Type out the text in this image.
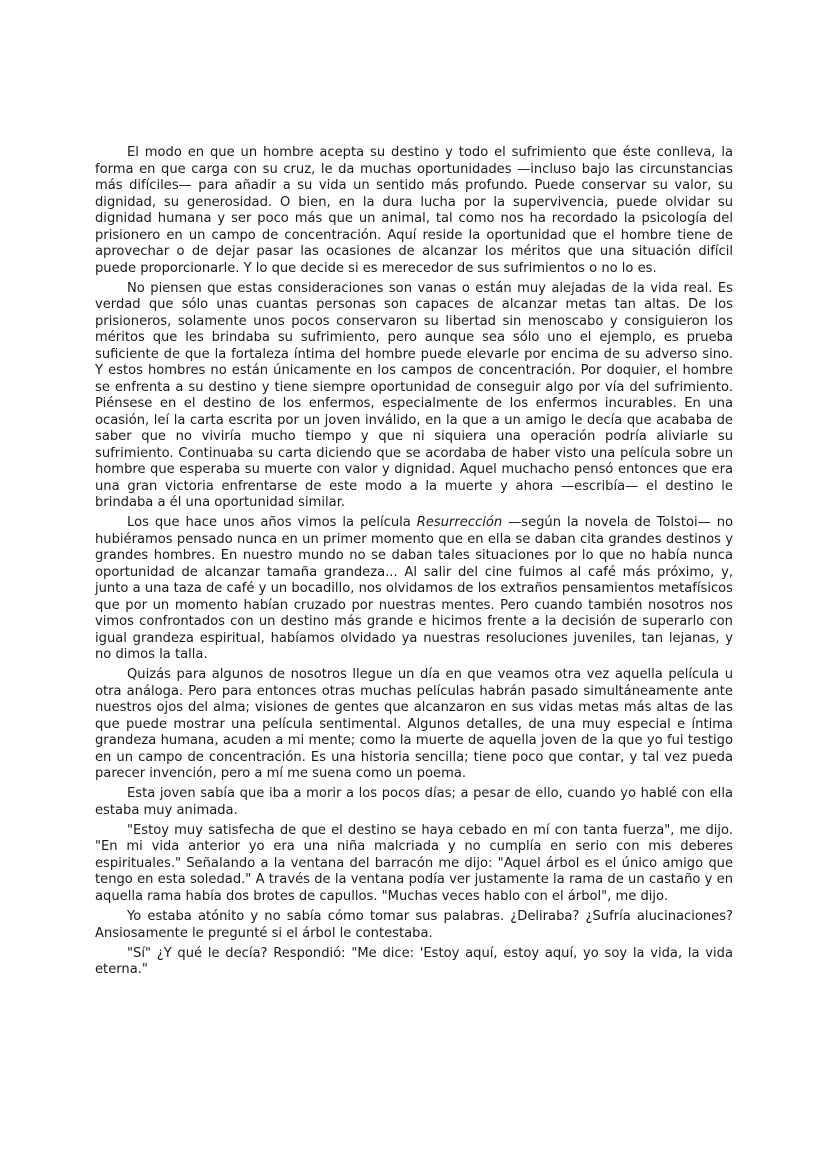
El modo en que un hombre acepta su destino y todo el sufrimiento que éste conlleva, la forma en que carga con su cruz, le da muchas oportunidades —incluso bajo las circunstancias más difíciles— para añadir a su vida un sentido más profundo. Puede conservar su valor, su dignidad, su generosidad. O bien, en la dura lucha por la supervivencia, puede olvidar su dignidad humana y ser poco más que un animal, tal como nos ha recordado la psicología del prisionero en un campo de concentración. Aquí reside la oportunidad que el hombre tiene de aprovechar o de dejar pasar las ocasiones de alcanzar los méritos que una situación difícil puede proporcionarle. Y lo que decide si es merecedor de sus sufrimientos o no lo es.

No piensen que estas consideraciones son vanas o están muy alejadas de la vida real. Es verdad que sólo unas cuantas personas son capaces de alcanzar metas tan altas. De los prisioneros, solamente unos pocos conservaron su libertad sin menoscabo y consiguieron los méritos que les brindaba su sufrimiento, pero aunque sea sólo uno el ejemplo, es prueba suficiente de que la fortaleza íntima del hombre puede elevarle por encima de su adverso sino. Y estos hombres no están únicamente en los campos de concentración. Por doquier, el hombre se enfrenta a su destino y tiene siempre oportunidad de conseguir algo por vía del sufrimiento. Piénsese en el destino de los enfermos, especialmente de los enfermos incurables. En una ocasión, leí la carta escrita por un joven inválido, en la que a un amigo le decía que acababa de saber que no viviría mucho tiempo y que ni siquiera una operación podría aliviarle su sufrimiento. Continuaba su carta diciendo que se acordaba de haber visto una película sobre un hombre que esperaba su muerte con valor y dignidad. Aquel muchacho pensó entonces que era una gran victoria enfrentarse de este modo a la muerte y ahora —escribía— el destino le brindaba a él una oportunidad similar.

Los que hace unos años vimos la película Resurrección —según la novela de Tolstoi— no hubiéramos pensado nunca en un primer momento que en ella se daban cita grandes destinos y grandes hombres. En nuestro mundo no se daban tales situaciones por lo que no había nunca oportunidad de alcanzar tamaña grandeza... Al salir del cine fuimos al café más próximo, y, junto a una taza de café y un bocadillo, nos olvidamos de los extraños pensamientos metafísicos que por un momento habían cruzado por nuestras mentes. Pero cuando también nosotros nos vimos confrontados con un destino más grande e hicimos frente a la decisión de superarlo con igual grandeza espiritual, habíamos olvidado ya nuestras resoluciones juveniles, tan lejanas, y no dimos la talla.

Quizás para algunos de nosotros llegue un día en que veamos otra vez aquella película u otra análoga. Pero para entonces otras muchas películas habrán pasado simultáneamente ante nuestros ojos del alma; visiones de gentes que alcanzaron en sus vidas metas más altas de las que puede mostrar una película sentimental. Algunos detalles, de una muy especial e íntima grandeza humana, acuden a mi mente; como la muerte de aquella joven de la que yo fui testigo en un campo de concentración. Es una historia sencilla; tiene poco que contar, y tal vez pueda parecer invención, pero a mí me suena como un poema.

Esta joven sabía que iba a morir a los pocos días; a pesar de ello, cuando yo hablé con ella estaba muy animada.

"Estoy muy satisfecha de que el destino se haya cebado en mí con tanta fuerza", me dijo. "En mi vida anterior yo era una niña malcriada y no cumplía en serio con mis deberes espirituales." Señalando a la ventana del barracón me dijo: "Aquel árbol es el único amigo que tengo en esta soledad." A través de la ventana podía ver justamente la rama de un castaño y en aquella rama había dos brotes de capullos. "Muchas veces hablo con el árbol", me dijo.

Yo estaba atónito y no sabía cómo tomar sus palabras. ¿Deliraba? ¿Sufría alucinaciones? Ansiosamente le pregunté si el árbol le contestaba.

"Sí" ¿Y qué le decía? Respondió: "Me dice: 'Estoy aquí, estoy aquí, yo soy la vida, la vida eterna."
